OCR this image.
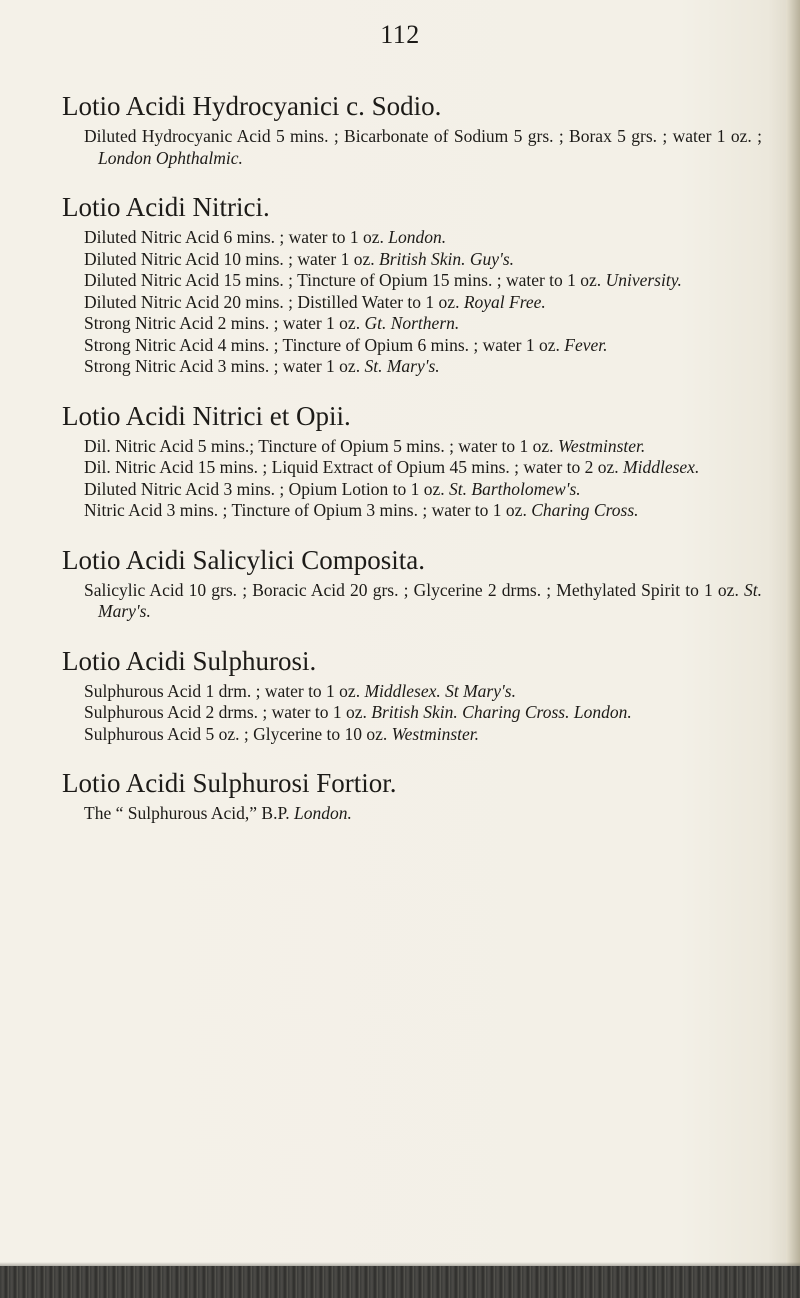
112
Lotio Acidi Hydrocyanici c. Sodio.

Diluted Hydrocyanic Acid 5 mins. ; Bicarbonate of Sodium 5 grs. ; Borax 5 grs. ; water 1 oz. ; London Ophthalmic.

Lotio Acidi Nitrici.

Diluted Nitric Acid 6 mins. ; water to 1 oz. London.

Diluted Nitric Acid 10 mins. ; water 1 oz. British Skin. Guy's.

Diluted Nitric Acid 15 mins. ; Tincture of Opium 15 mins. ; water to 1 oz. University.

Diluted Nitric Acid 20 mins. ; Distilled Water to 1 oz. Royal Free.

Strong Nitric Acid 2 mins. ; water 1 oz. Gt. Northern.

Strong Nitric Acid 4 mins. ; Tincture of Opium 6 mins. ; water 1 oz. Fever.

Strong Nitric Acid 3 mins. ; water 1 oz. St. Mary's.

Lotio Acidi Nitrici et Opii.

Dil. Nitric Acid 5 mins.; Tincture of Opium 5 mins. ; water to 1 oz. Westminster.

Dil. Nitric Acid 15 mins. ; Liquid Extract of Opium 45 mins. ; water to 2 oz. Middlesex.

Diluted Nitric Acid 3 mins. ; Opium Lotion to 1 oz. St. Bartholomew's.

Nitric Acid 3 mins. ; Tincture of Opium 3 mins. ; water to 1 oz. Charing Cross.

Lotio Acidi Salicylici Composita.

Salicylic Acid 10 grs. ; Boracic Acid 20 grs. ; Glycerine 2 drms. ; Methylated Spirit to 1 oz. St. Mary's.

Lotio Acidi Sulphurosi.

Sulphurous Acid 1 drm. ; water to 1 oz. Middlesex. St Mary's.

Sulphurous Acid 2 drms. ; water to 1 oz. British Skin. Charing Cross. London.

Sulphurous Acid 5 oz. ; Glycerine to 10 oz. Westminster.

Lotio Acidi Sulphurosi Fortior.

The “ Sulphurous Acid,” B.P. London.
